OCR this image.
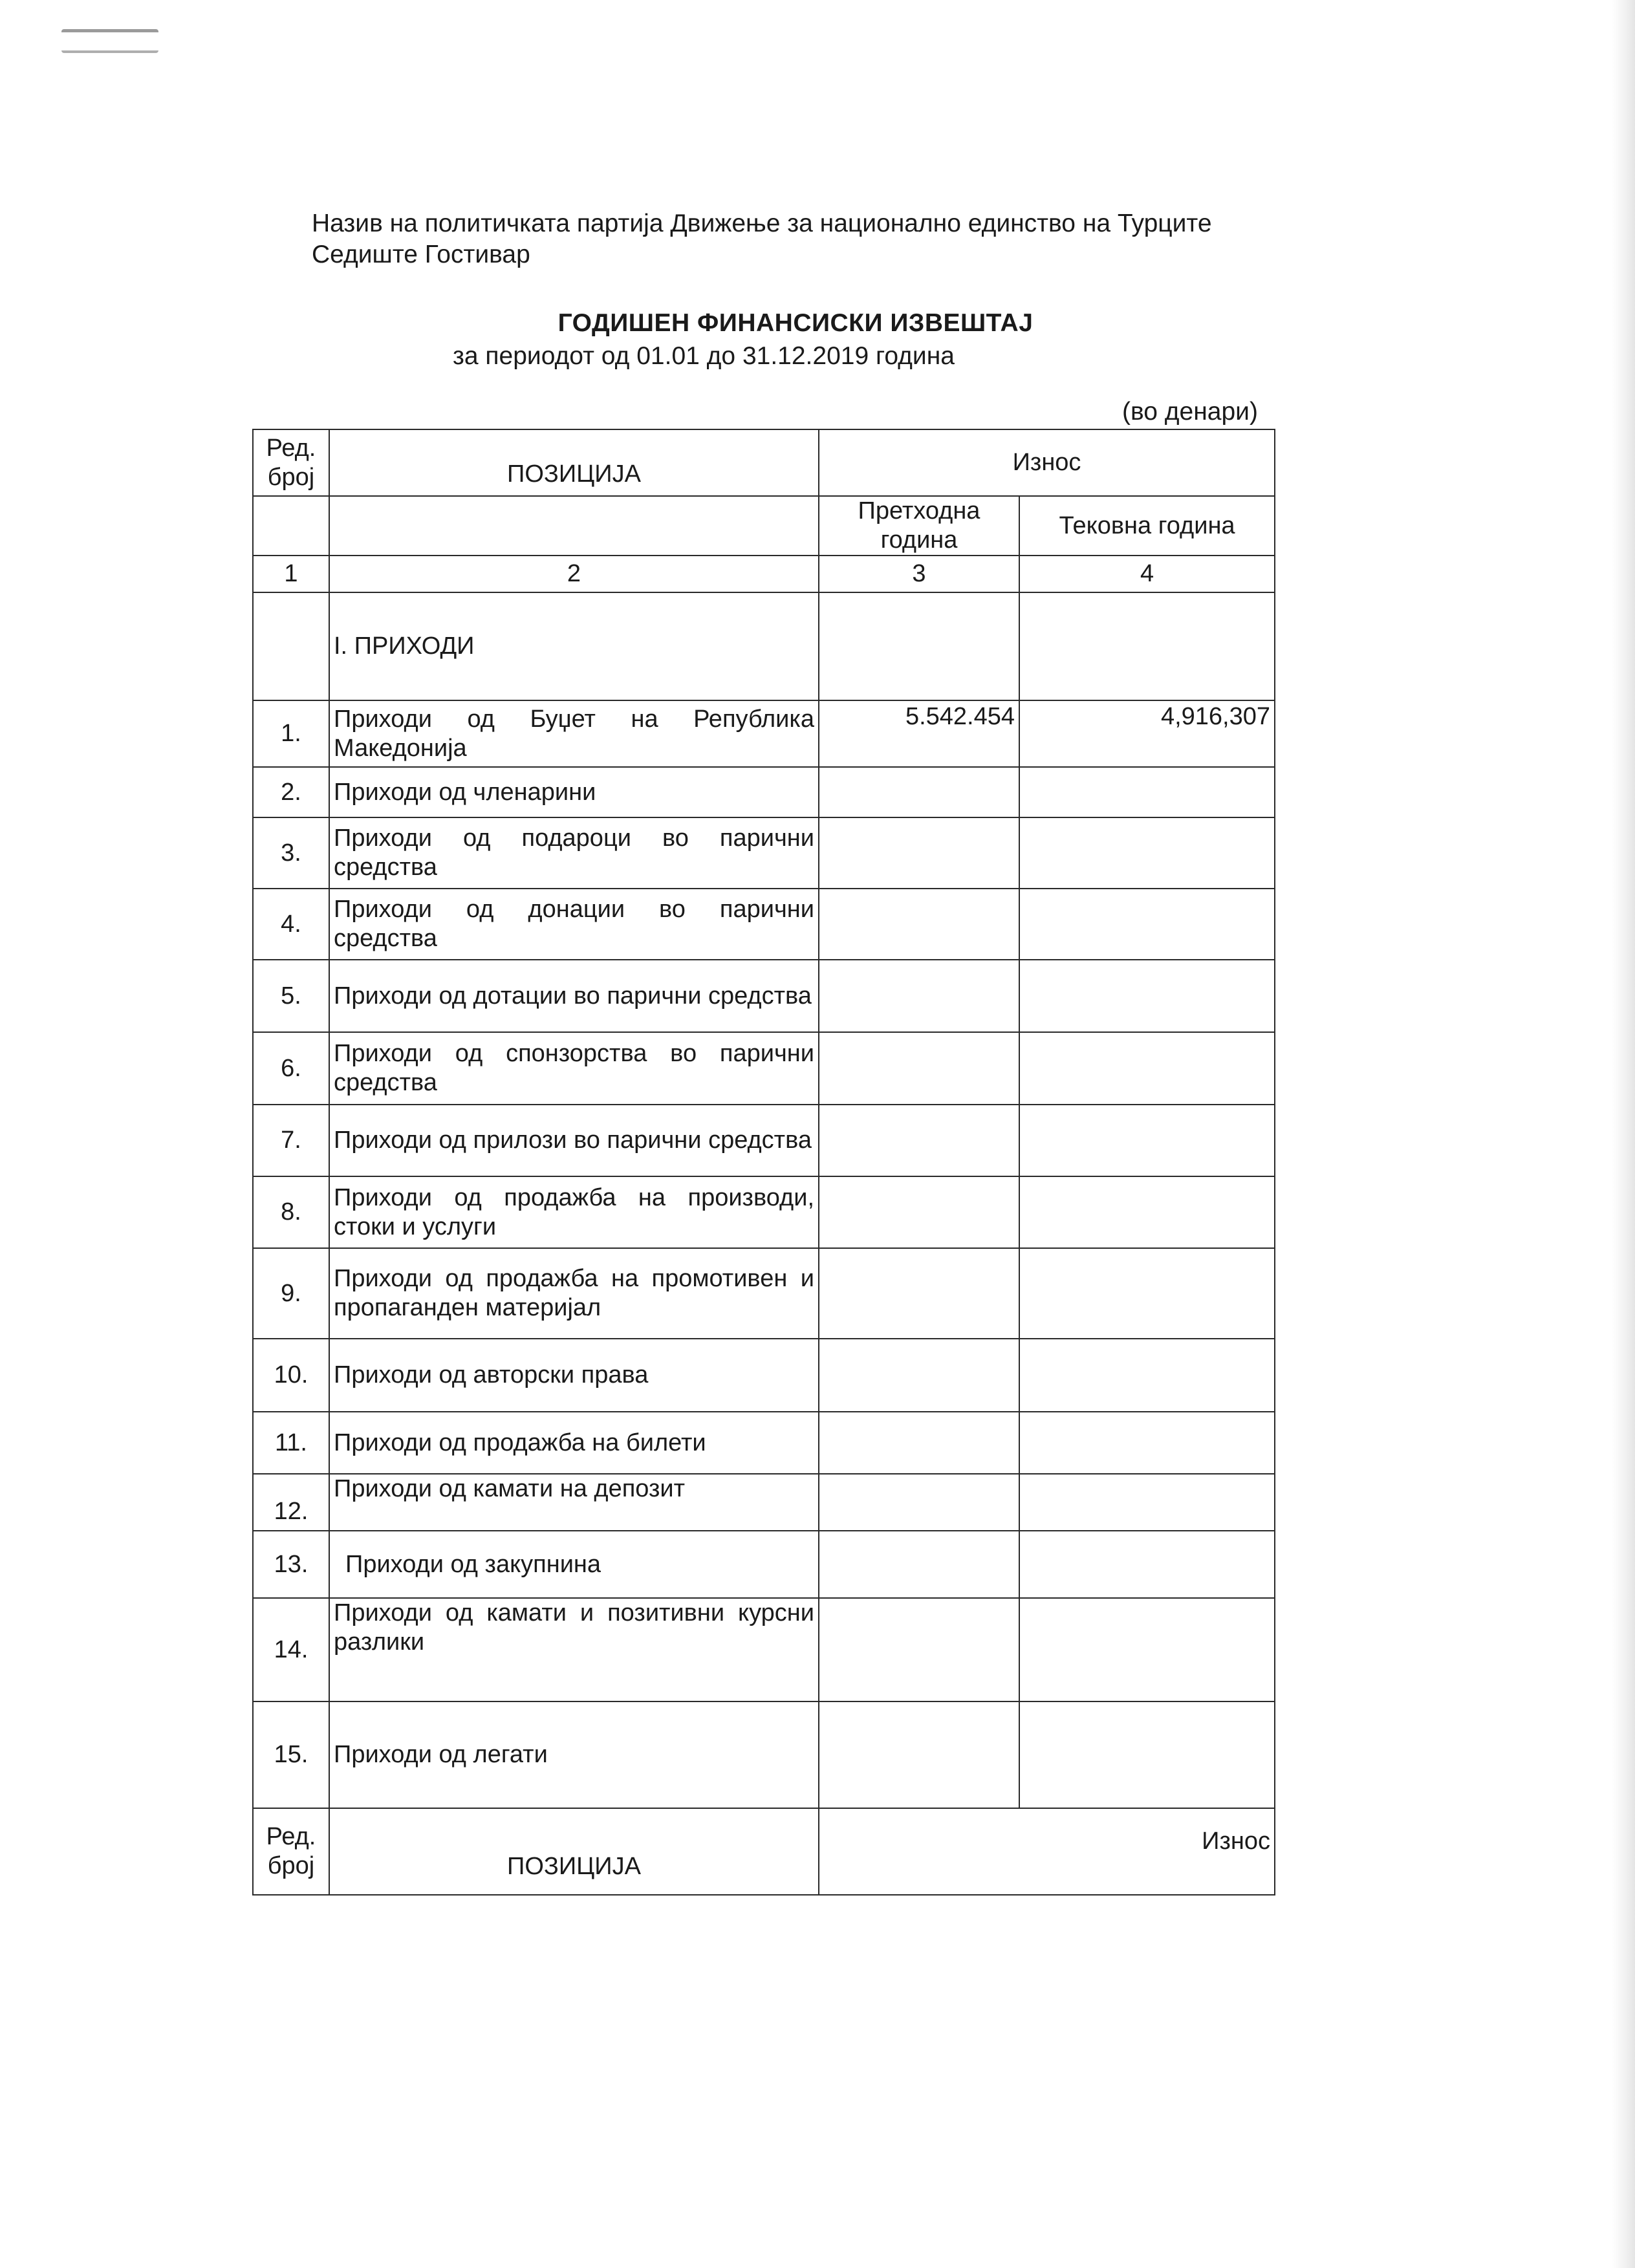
Назив на политичката партија Движење за национално единство на Турците
Седиште Гостивар
ГОДИШЕН ФИНАНСИСКИ ИЗВЕШТАЈ
за периодот од 01.01 до 31.12.2019 година
(во денари)
Ред. број	ПОЗИЦИЈА	Износ	
		Претходна година	Тековна година
1	2	3	4
	I. ПРИХОДИ		
1.	Приходи од Буџет на Република Македонија	5.542.454	4,916,307
2.	Приходи од членарини		
3.	Приходи од подароци во парични средства		
4.	Приходи од донации во парични средства		
5.	Приходи од дотации во парични средства		
6.	Приходи од спонзорства во парични средства		
7.	Приходи од прилози во парични средства		
8.	Приходи од продажба на производи, стоки и услуги		
9.	Приходи од продажба на промотивен и пропаганден материјал		
10.	Приходи од авторски права		
11.	Приходи од продажба на билети		
12.	Приходи од камати на депозит		
13.	Приходи од закупнина		
14.	Приходи од камати и позитивни курсни разлики		
15.	Приходи од легати		
Ред. број	ПОЗИЦИЈА	Износ	
